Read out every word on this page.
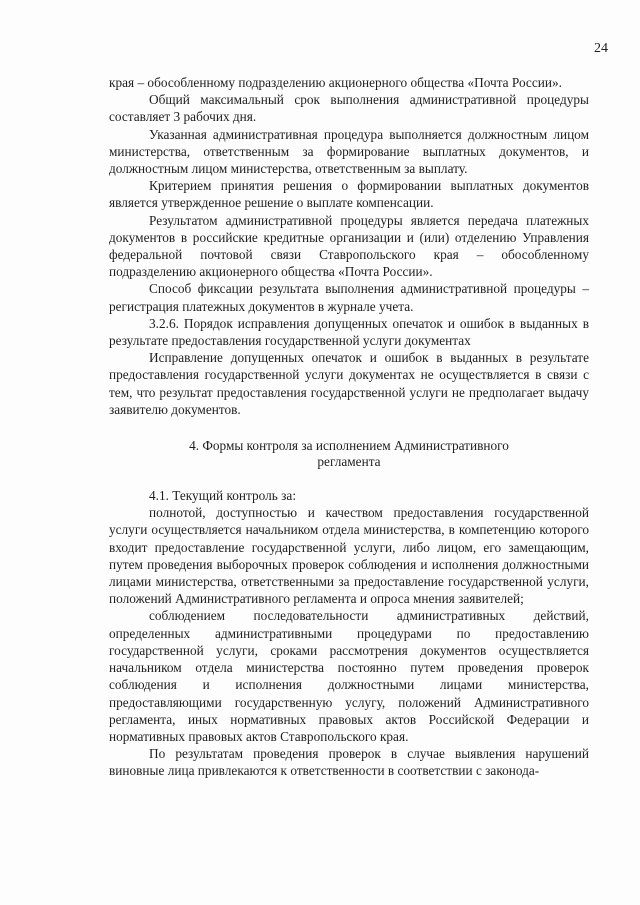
24

края – обособленному подразделению акционерного общества «Почта России».

Общий максимальный срок выполнения административной процедуры составляет 3 рабочих дня.

Указанная административная процедура выполняется должностным лицом министерства, ответственным за формирование выплатных документов, и должностным лицом министерства, ответственным за выплату.

Критерием принятия решения о формировании выплатных документов является утвержденное решение о выплате компенсации.

Результатом административной процедуры является передача платежных документов в российские кредитные организации и (или) отделению Управления федеральной почтовой связи Ставропольского края – обособленному подразделению акционерного общества «Почта России».

Способ фиксации результата выполнения административной процедуры – регистрация платежных документов в журнале учета.

3.2.6. Порядок исправления допущенных опечаток и ошибок в выданных в результате предоставления государственной услуги документах

Исправление допущенных опечаток и ошибок в выданных в результате предоставления государственной услуги документах не осуществляется в связи с тем, что результат предоставления государственной услуги не предполагает выдачу заявителю документов.

4. Формы контроля за исполнением Административного регламента

4.1. Текущий контроль за:

полнотой, доступностью и качеством предоставления государственной услуги осуществляется начальником отдела министерства, в компетенцию которого входит предоставление государственной услуги, либо лицом, его замещающим, путем проведения выборочных проверок соблюдения и исполнения должностными лицами министерства, ответственными за предоставление государственной услуги, положений Административного регламента и опроса мнения заявителей;

соблюдением последовательности административных действий, определенных административными процедурами по предоставлению государственной услуги, сроками рассмотрения документов осуществляется начальником отдела министерства постоянно путем проведения проверок соблюдения и исполнения должностными лицами министерства, предоставляющими государственную услугу, положений Административного регламента, иных нормативных правовых актов Российской Федерации и нормативных правовых актов Ставропольского края.

По результатам проведения проверок в случае выявления нарушений виновные лица привлекаются к ответственности в соответствии с законода-
